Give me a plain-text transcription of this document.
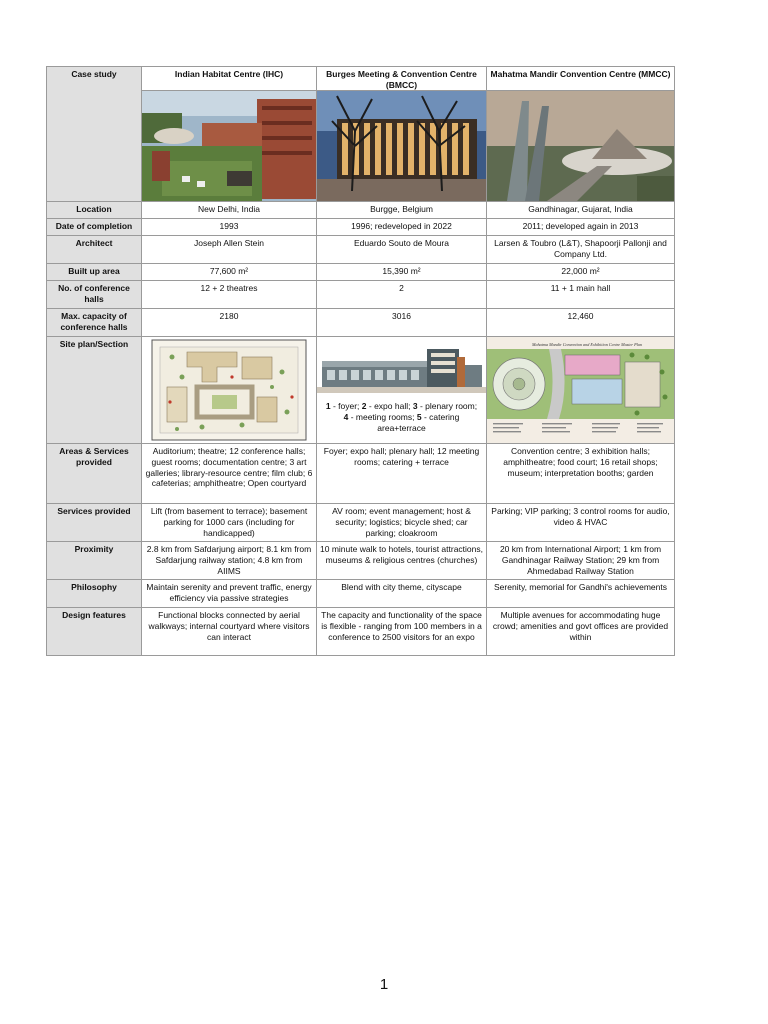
Case study	Indian Habitat Centre (IHC)	Burges Meeting & Convention Centre (BMCC)	Mahatma Mandir Convention Centre (MMCC)

Location	New Delhi, India	Burgge, Belgium	Gandhinagar, Gujarat, India
Date of completion	1993	1996; redeveloped in 2022	2011; developed again in 2013
Architect	Joseph Allen Stein	Eduardo Souto de Moura	Larsen & Toubro (L&T), Shapoorji Pallonji and Company Ltd.
Built up area	77,600 m²	15,390 m²	22,000 m²
No. of conference halls	12 + 2 theatres	2	11 + 1 main hall
Max. capacity of conference halls	2180	3016	12,460
Site plan/Section		1 - foyer; 2 - expo hall; 3 - plenary room; 4 - meeting rooms; 5 - catering area+terrace	Mahatma Mandir Convention and Exhibition Centre Master Plan

Areas & Services provided	Auditorium; theatre; 12 conference halls; guest rooms; documentation centre; 3 art galleries; library-resource centre; film club; 6 cafeterias; amphitheatre; Open courtyard	Foyer; expo hall; plenary hall; 12 meeting rooms; catering + terrace	Convention centre; 3 exhibition halls; amphitheatre; food court; 16 retail shops; museum; interpretation booths; garden
Services provided	Lift (from basement to terrace); basement parking for 1000 cars (including for handicapped)	AV room; event management; host & security; logistics; bicycle shed; car parking; cloakroom	Parking; VIP parking; 3 control rooms for audio, video & HVAC
Proximity	2.8 km from Safdarjung airport; 8.1 km from Safdarjung railway station; 4.8 km from AIIMS	10 minute walk to hotels, tourist attractions, museums & religious centres (churches)	20 km from International Airport; 1 km from Gandhinagar Railway Station; 29 km from Ahmedabad Railway Station
Philosophy	Maintain serenity and prevent traffic, energy efficiency via passive strategies	Blend with city theme, cityscape	Serenity, memorial for Gandhi's achievements
Design features	Functional blocks connected by aerial walkways; internal courtyard where visitors can interact	The capacity and functionality of the space is flexible - ranging from 100 members in a conference to 2500 visitors for an expo	Multiple avenues for accommodating huge crowd; amenities and govt offices are provided within
1
